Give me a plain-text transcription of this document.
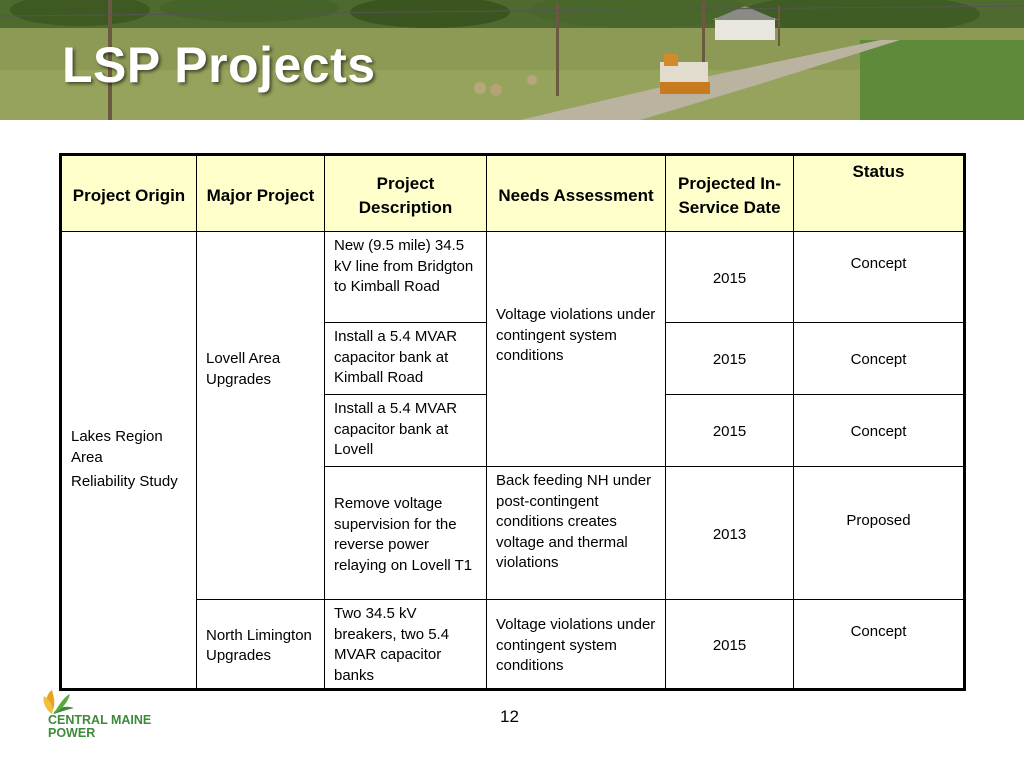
LSP Projects
Project Origin	Major Project	Project Description	Needs Assessment	Projected In-Service Date	Status

Lakes Region Area
Reliability Study	Lovell Area Upgrades	New (9.5 mile) 34.5 kV line from Bridgton to Kimball Road	Voltage violations under contingent system conditions	2015	Concept
		Install a 5.4 MVAR capacitor bank at Kimball Road		2015	Concept
		Install a 5.4 MVAR capacitor bank at Lovell		2015	Concept
		Remove voltage supervision for the reverse power relaying on Lovell T1	Back feeding NH under post-contingent conditions creates voltage and thermal violations	2013	Proposed
	North Limington Upgrades	Two 34.5 kV breakers, two 5.4 MVAR capacitor banks	Voltage violations under contingent system conditions	2015	Concept
12
CENTRAL MAINE
POWER
